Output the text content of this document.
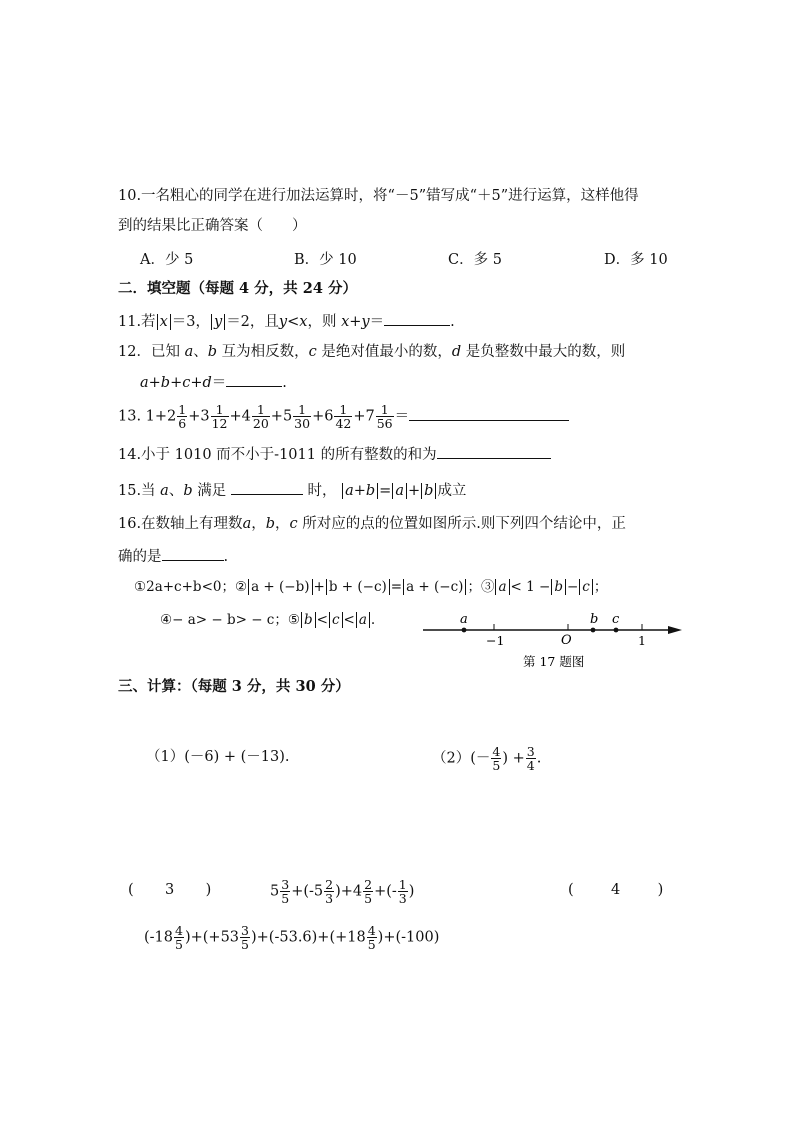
10.一名粗心的同学在进行加法运算时，将“－5”错写成“＋5”进行运算，这样他得
到的结果比正确答案（　　）
A．少 5	B．少 10	C．多 5	D．多 10
二．填空题（每题 4 分，共 24 分）
11.若 x ＝3， y ＝2，且y<x，则 x+y＝	.
12．已知 a、b 互为相反数，c 是绝对值最小的数，d 是负整数中最大的数，则
a+b+c+d＝	.
13. $1+2 \frac{1}{6} +3 \frac{1}{12} +4 \frac{1}{20} +5 \frac{1}{30} +6 \frac{1}{42} +7 \frac{1}{56}$ ＝
14.小于 1010 而不小于-1011 的所有整数的和为
15.当 a、b 满足	时， a+b = a + b 成立
16.在数轴上有理数a，b，c 所对应的点的位置如图所示.则下列四个结论中，正
确的是	.
①2a+c+b<0；② a + (−b) + b + (−c) = a + (−c) ；③ a < 1 − b − c ；
④− a> − b> − c；⑤ b < c < a .	a	b c
−1	O	1
第 17 题图
三、计算：（每题 3 分，共 30 分）
（1）(－6) + (－13).	$(2)(- \frac{4}{5}$ ) + $\frac{3}{4}$ .
( 3 )	$5 \frac{3}{5} +(-5 \frac{2}{3} )+4 \frac{2}{5}$ +(- $\frac{1}{3}$ )	(	4	)
$(-18 \frac{4}{5} )+(+53 \frac{3}{5} )+(-53.6)+(+18 \frac{4}{5} )+(-100)$
